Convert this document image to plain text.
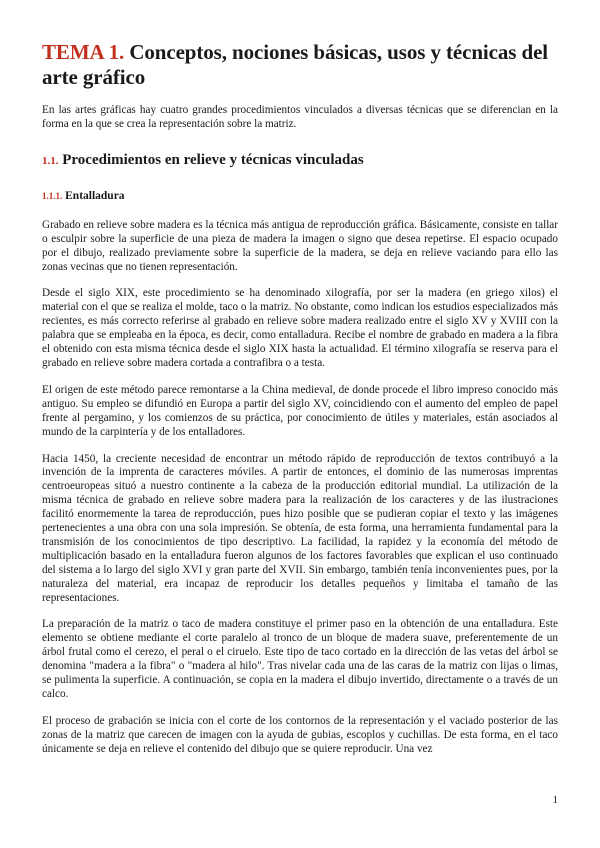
TEMA 1. Conceptos, nociones básicas, usos y técnicas del arte gráfico

En las artes gráficas hay cuatro grandes procedimientos vinculados a diversas técnicas que se diferencian en la forma en la que se crea la representación sobre la matriz.

1.1. Procedimientos en relieve y técnicas vinculadas
1.1.1. Entalladura

Grabado en relieve sobre madera es la técnica más antigua de reproducción gráfica. Básicamente, consiste en tallar o esculpir sobre la superficie de una pieza de madera la imagen o signo que desea repetirse. El espacio ocupado por el dibujo, realizado previamente sobre la superficie de la madera, se deja en relieve vaciando para ello las zonas vecinas que no tienen representación.

Desde el siglo XIX, este procedimiento se ha denominado xilografía, por ser la madera (en griego xilos) el material con el que se realiza el molde, taco o la matriz. No obstante, como indican los estudios especializados más recientes, es más correcto referirse al grabado en relieve sobre madera realizado entre el siglo XV y XVIII con la palabra que se empleaba en la época, es decir, como entalladura. Recibe el nombre de grabado en madera a la fibra el obtenido con esta misma técnica desde el siglo XIX hasta la actualidad. El término xilografía se reserva para el grabado en relieve sobre madera cortada a contrafibra o a testa.

El origen de este método parece remontarse a la China medieval, de donde procede el libro impreso conocido más antiguo. Su empleo se difundió en Europa a partir del siglo XV, coincidiendo con el aumento del empleo de papel frente al pergamino, y los comienzos de su práctica, por conocimiento de útiles y materiales, están asociados al mundo de la carpintería y de los entalladores.

Hacia 1450, la creciente necesidad de encontrar un método rápido de reproducción de textos contribuyó a la invención de la imprenta de caracteres móviles. A partir de entonces, el dominio de las numerosas imprentas centroeuropeas situó a nuestro continente a la cabeza de la producción editorial mundial. La utilización de la misma técnica de grabado en relieve sobre madera para la realización de los caracteres y de las ilustraciones facilitó enormemente la tarea de reproducción, pues hizo posible que se pudieran copiar el texto y las imágenes pertenecientes a una obra con una sola impresión. Se obtenía, de esta forma, una herramienta fundamental para la transmisión de los conocimientos de tipo descriptivo. La facilidad, la rapidez y la economía del método de multiplicación basado en la entalladura fueron algunos de los factores favorables que explican el uso continuado del sistema a lo largo del siglo XVI y gran parte del XVII. Sin embargo, también tenía inconvenientes pues, por la naturaleza del material, era incapaz de reproducir los detalles pequeños y limitaba el tamaño de las representaciones.

La preparación de la matriz o taco de madera constituye el primer paso en la obtención de una entalladura. Este elemento se obtiene mediante el corte paralelo al tronco de un bloque de madera suave, preferentemente de un árbol frutal como el cerezo, el peral o el ciruelo. Este tipo de taco cortado en la dirección de las vetas del árbol se denomina "madera a la fibra" o "madera al hilo". Tras nivelar cada una de las caras de la matriz con lijas o limas, se pulimenta la superficie. A continuación, se copia en la madera el dibujo invertido, directamente o a través de un calco.

El proceso de grabación se inicia con el corte de los contornos de la representación y el vaciado posterior de las zonas de la matriz que carecen de imagen con la ayuda de gubias, escoplos y cuchillas. De esta forma, en el taco únicamente se deja en relieve el contenido del dibujo que se quiere reproducir. Una vez

1
